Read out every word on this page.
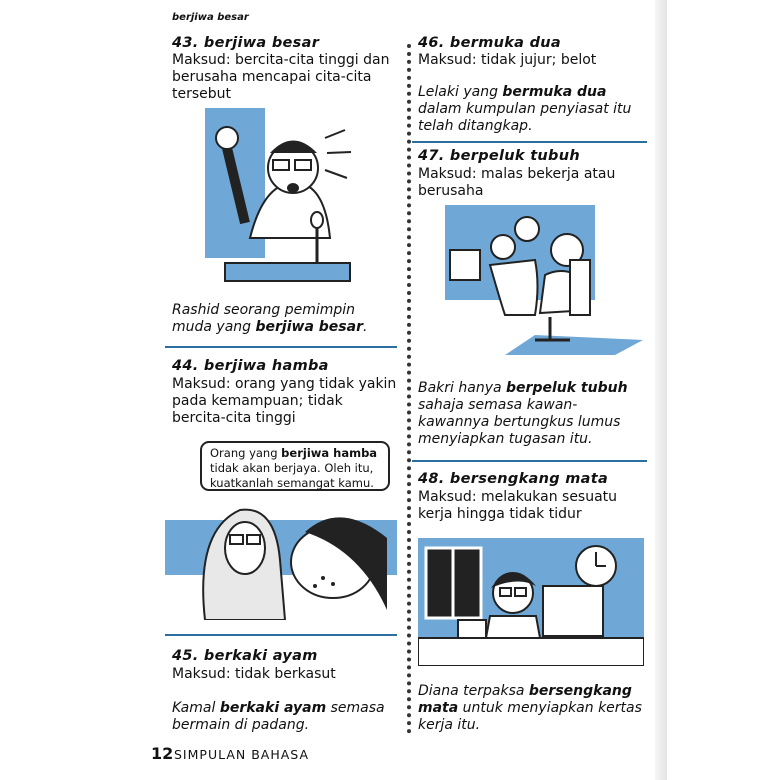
berjiwa besar
43. berjiwa besar
Maksud: bercita-cita tinggi dan berusaha mencapai cita-cita tersebut
Rashid seorang pemimpin muda yang berjiwa besar.
44. berjiwa hamba
Maksud: orang yang tidak yakin pada kemampuan; tidak bercita-cita tinggi
Orang yang berjiwa hamba tidak akan berjaya. Oleh itu, kuatkanlah semangat kamu.
45. berkaki ayam
Maksud: tidak berkasut
Kamal berkaki ayam semasa bermain di padang.
46. bermuka dua
Maksud: tidak jujur; belot
Lelaki yang bermuka dua dalam kumpulan penyiasat itu telah ditangkap.
47. berpeluk tubuh
Maksud: malas bekerja atau berusaha
Bakri hanya berpeluk tubuh sahaja semasa kawan-kawannya bertungkus lumus menyiapkan tugasan itu.
48. bersengkang mata
Maksud: melakukan sesuatu kerja hingga tidak tidur
Diana terpaksa bersengkang mata untuk menyiapkan kertas kerja itu.
12 SIMPULAN BAHASA
